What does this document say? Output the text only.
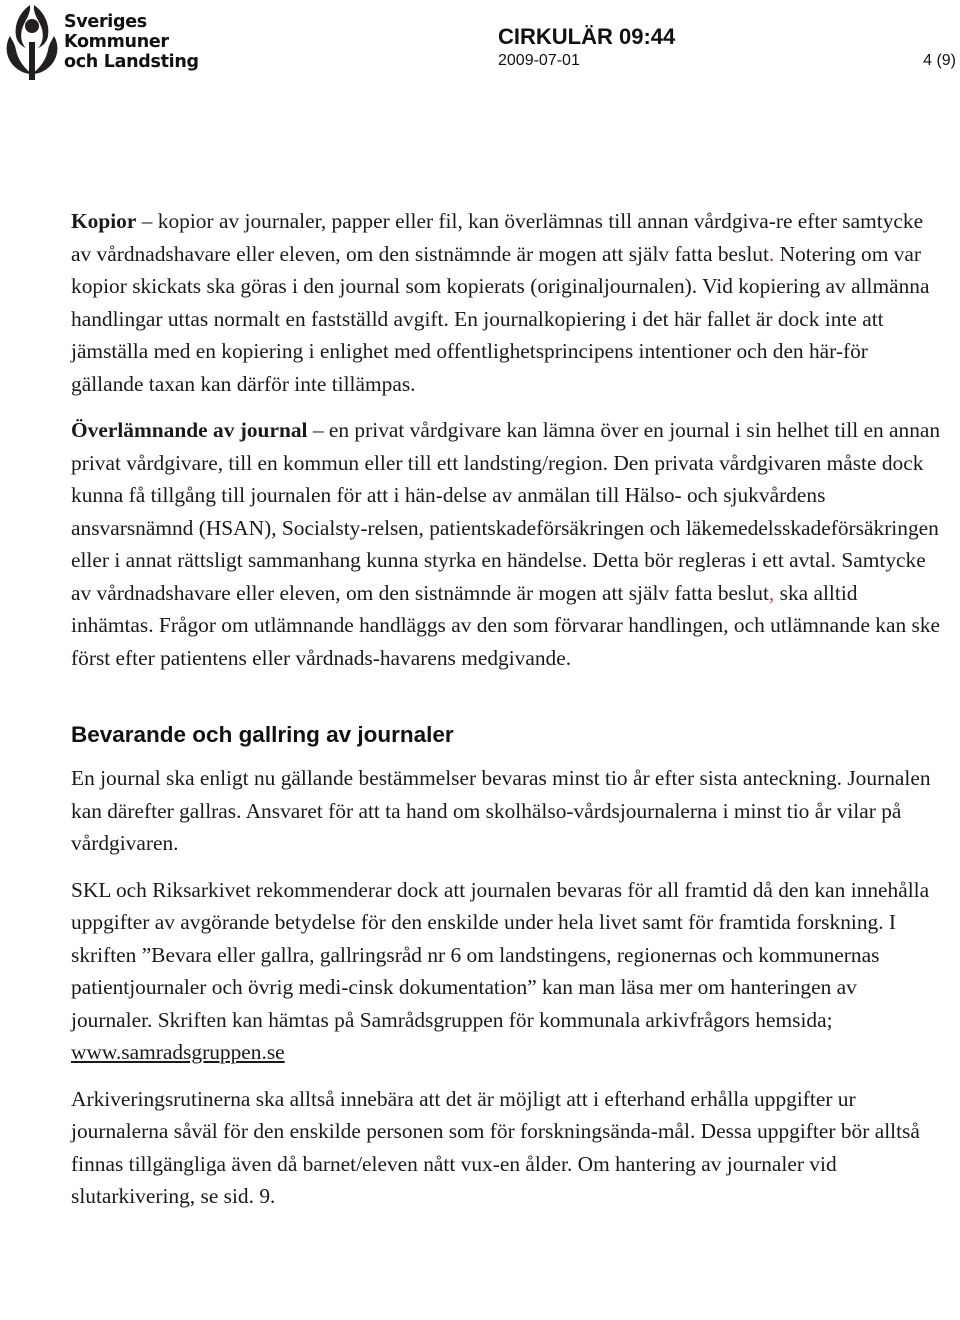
Sveriges
Kommuner
och Landsting
CIRKULÄR 09:44
2009-07-01	4 (9)

Kopior – kopior av journaler, papper eller fil, kan överlämnas till annan vårdgiva-re efter samtycke av vårdnadshavare eller eleven, om den sistnämnde är mogen att själv fatta beslut. Notering om var kopior skickats ska göras i den journal som kopierats (originaljournalen). Vid kopiering av allmänna handlingar uttas normalt en fastställd avgift. En journalkopiering i det här fallet är dock inte att jämställa med en kopiering i enlighet med offentlighetsprincipens intentioner och den här-för gällande taxan kan därför inte tillämpas.

Överlämnande av journal – en privat vårdgivare kan lämna över en journal i sin helhet till en annan privat vårdgivare, till en kommun eller till ett landsting/region. Den privata vårdgivaren måste dock kunna få tillgång till journalen för att i hän-delse av anmälan till Hälso- och sjukvårdens ansvarsnämnd (HSAN), Socialsty-relsen, patientskadeförsäkringen och läkemedelsskadeförsäkringen eller i annat rättsligt sammanhang kunna styrka en händelse. Detta bör regleras i ett avtal. Samtycke av vårdnadshavare eller eleven, om den sistnämnde är mogen att själv fatta beslut, ska alltid inhämtas. Frågor om utlämnande handläggs av den som förvarar handlingen, och utlämnande kan ske först efter patientens eller vårdnads-havarens medgivande.

Bevarande och gallring av journaler

En journal ska enligt nu gällande bestämmelser bevaras minst tio år efter sista anteckning. Journalen kan därefter gallras. Ansvaret för att ta hand om skolhälso-vårdsjournalerna i minst tio år vilar på vårdgivaren.

SKL och Riksarkivet rekommenderar dock att journalen bevaras för all framtid då den kan innehålla uppgifter av avgörande betydelse för den enskilde under hela livet samt för framtida forskning. I skriften ”Bevara eller gallra, gallringsråd nr 6 om landstingens, regionernas och kommunernas patientjournaler och övrig medi-cinsk dokumentation” kan man läsa mer om hanteringen av journaler. Skriften kan hämtas på Samrådsgruppen för kommunala arkivfrågors hemsida;
www.samradsgruppen.se

Arkiveringsrutinerna ska alltså innebära att det är möjligt att i efterhand erhålla uppgifter ur journalerna såväl för den enskilde personen som för forskningsända-mål. Dessa uppgifter bör alltså finnas tillgängliga även då barnet/eleven nått vux-en ålder. Om hantering av journaler vid slutarkivering, se sid. 9.
